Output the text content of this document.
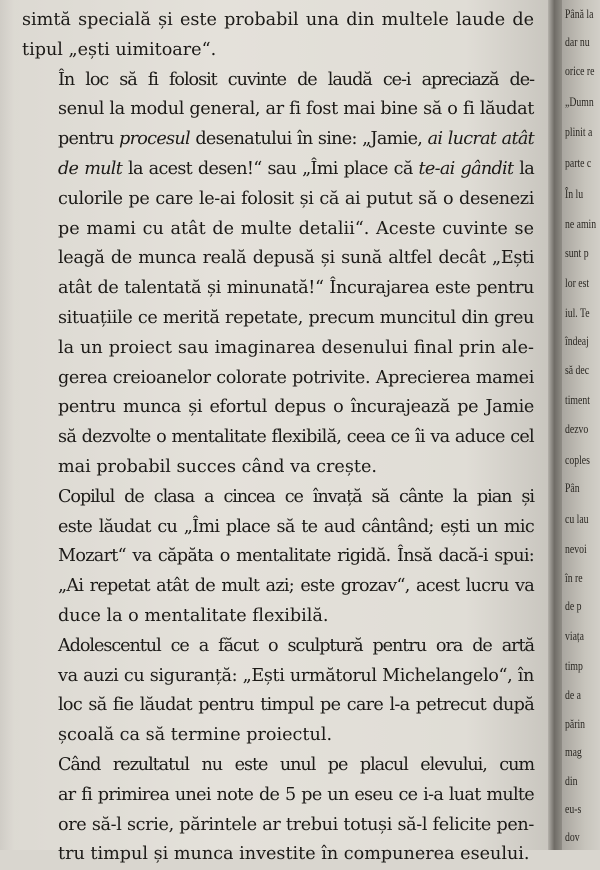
simtă specială și este probabil una din multele laude de
tipul „ești uimitoare“.

În loc să fi folosit cuvinte de laudă ce-i apreciază de-
senul la modul general, ar fi fost mai bine să o fi lăudat
pentru procesul desenatului în sine: „Jamie, ai lucrat atât
de mult la acest desen!“ sau „Îmi place că te-ai gândit la
culorile pe care le-ai folosit și că ai putut să o desenezi
pe mami cu atât de multe detalii“. Aceste cuvinte se
leagă de munca reală depusă și sună altfel decât „Ești
atât de talentată și minunată!“ Încurajarea este pentru
situațiile ce merită repetate, precum muncitul din greu
la un proiect sau imaginarea desenului final prin ale-
gerea creioanelor colorate potrivite. Aprecierea mamei
pentru munca și efortul depus o încurajează pe Jamie
să dezvolte o mentalitate flexibilă, ceea ce îi va aduce cel
mai probabil succes când va crește.

Copilul de clasa a cincea ce învață să cânte la pian și
este lăudat cu „Îmi place să te aud cântând; ești un mic
Mozart“ va căpăta o mentalitate rigidă. Însă dacă-i spui:
„Ai repetat atât de mult azi; este grozav“, acest lucru va
duce la o mentalitate flexibilă.

Adolescentul ce a făcut o sculptură pentru ora de artă
va auzi cu siguranță: „Ești următorul Michelangelo“, în
loc să fie lăudat pentru timpul pe care l-a petrecut după
școală ca să termine proiectul.

Când rezultatul nu este unul pe placul elevului, cum
ar fi primirea unei note de 5 pe un eseu ce i-a luat multe
ore să-l scrie, părintele ar trebui totuși să-l felicite pen-
tru timpul și munca investite în compunerea eseului.

Până la
dar nu
orice re
„Dumn
plinit a
parte c
În lu
ne amin
sunt p
lor est
iul. Te
îndeaj
să dec
timent
dezvo
coples
Pân
cu lau
nevoi
în re
de p
viața
timp
de a
părin
mag
din
eu-s
dov
